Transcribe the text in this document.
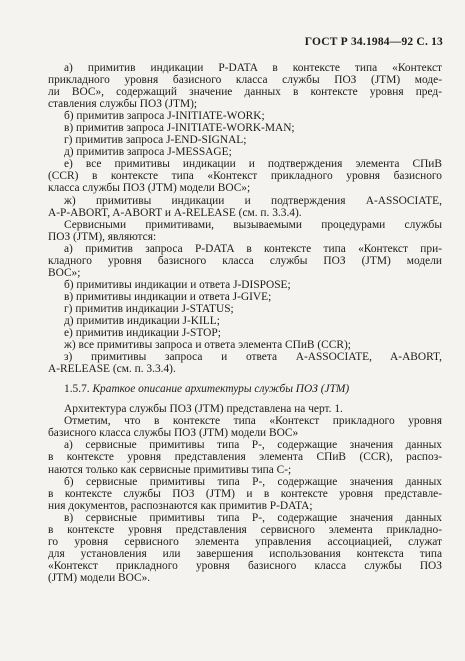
ГОСТ Р 34.1984—92 С. 13
а) примитив индикации P-DATA в контексте типа «Контекст
прикладного уровня базисного класса службы ПОЗ (JTM) моде-
ли ВОС», содержащий значение данных в контексте уровня пред-
ставления службы ПОЗ (JTM);
б) примитив запроса J-INITIATE-WORK;
в) примитив запроса J-INITIATE-WORK-MAN;
г) примитив запроса J-END-SIGNAL;
д) примитив запроса J-MESSAGE;
е) все примитивы индикации и подтверждения элемента СПиВ
(CCR) в контексте типа «Контекст прикладного уровня базисного
класса службы ПОЗ (JTM) модели ВОС»;
ж) примитивы индикации и подтверждения A-ASSOCIATE,
A-P-ABORT, A-ABORT и A-RELEASE (см. п. 3.3.4).
Сервисными примитивами, вызываемыми процедурами службы
ПОЗ (JTM), являются:
а) примитив запроса P-DATA в контексте типа «Контекст при-
кладного уровня базисного класса службы ПОЗ (JTM) модели
ВОС»;
б) примитивы индикации и ответа J-DISPOSE;
в) примитивы индикации и ответа J-GIVE;
г) примитив индикации J-STATUS;
д) примитив индикации J-KILL;
е) примитив индикации J-STOP;
ж) все примитивы запроса и ответа элемента СПиВ (CCR);
з) примитивы запроса и ответа A-ASSOCIATE, A-ABORT,
A-RELEASE (см. п. 3.3.4).
1.5.7. Краткое описание архитектуры службы ПОЗ (JTM)
Архитектура службы ПОЗ (JTM) представлена на черт. 1.
Отметим, что в контексте типа «Контекст прикладного уровня
базисного класса службы ПОЗ (JTM) модели ВОС»
а) сервисные примитивы типа Р-, содержащие значения данных
в контексте уровня представления элемента СПиВ (CCR), распоз-
наются только как сервисные примитивы типа С-;
б) сервисные примитивы типа Р-, содержащие значения данных
в контексте службы ПОЗ (JTM) и в контексте уровня представле-
ния документов, распознаются как примитив P-DATA;
в) сервисные примитивы типа Р-, содержащие значения данных
в контексте уровня представления сервисного элемента прикладно-
го уровня сервисного элемента управления ассоциацией, служат
для установления или завершения использования контекста типа
«Контекст прикладного уровня базисного класса службы ПОЗ
(JTM) модели ВОС».
